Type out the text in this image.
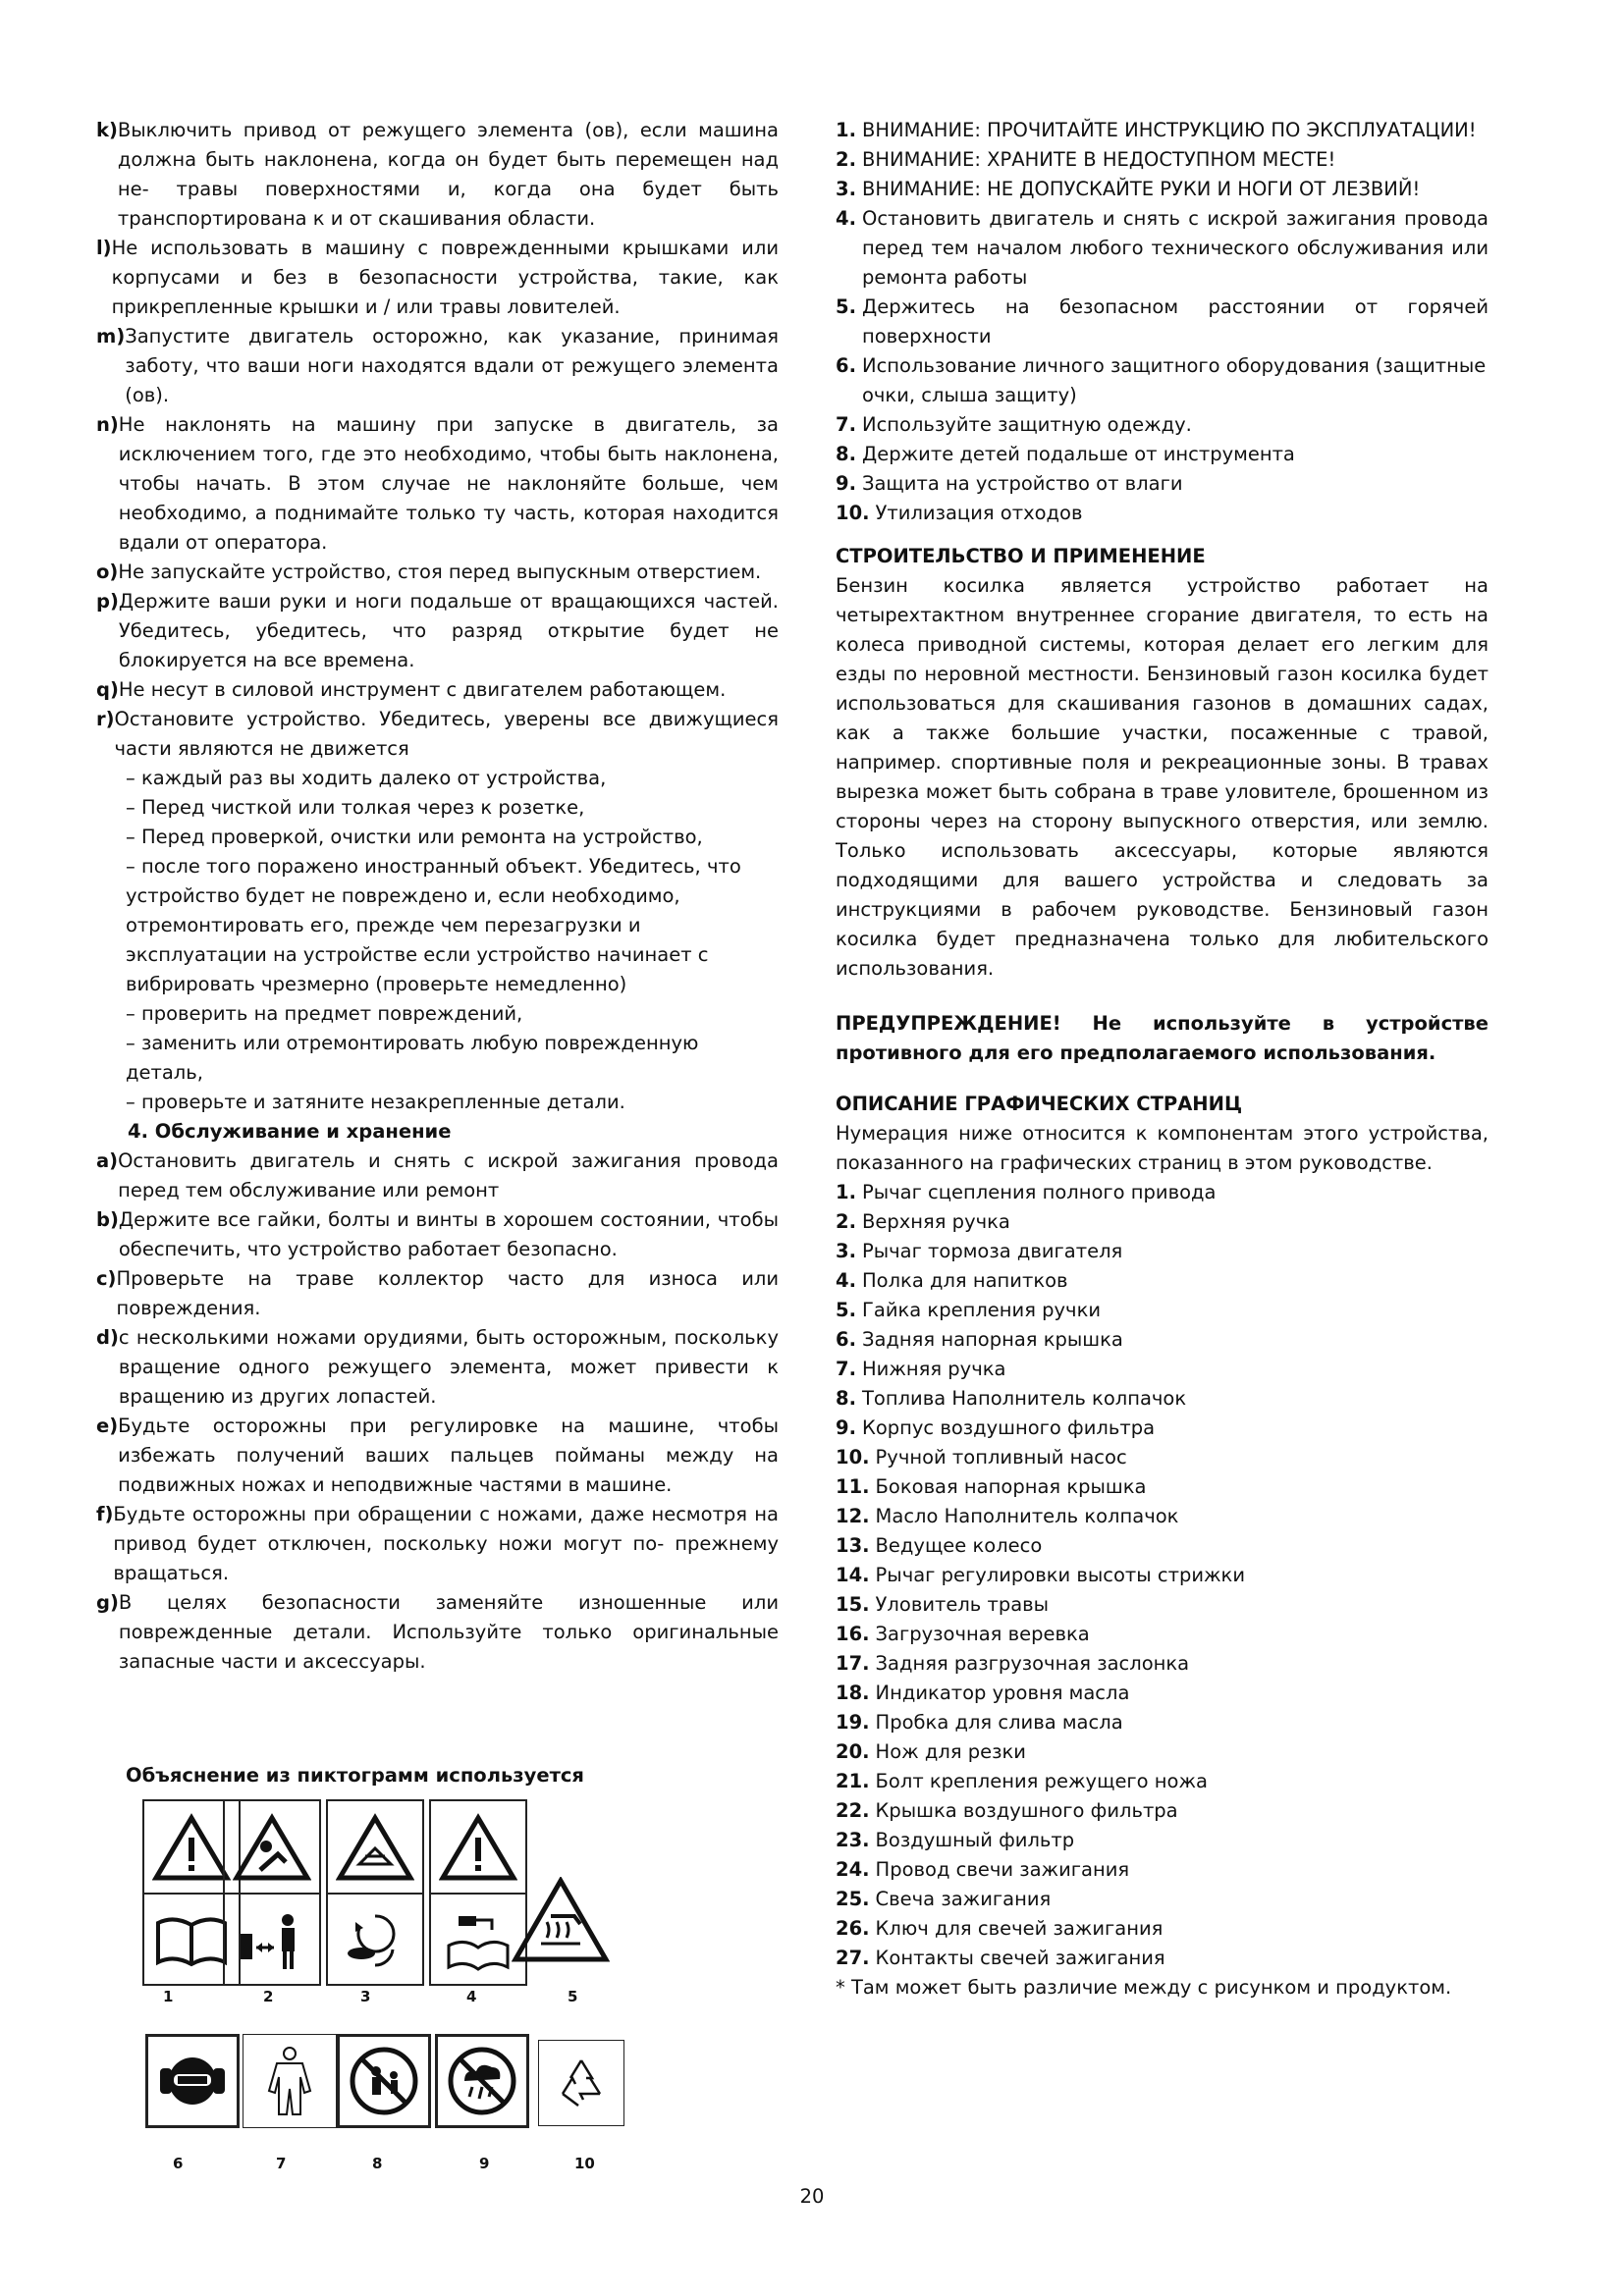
k) Выключить привод от режущего элемента (ов), если машина должна быть наклонена, когда он будет быть перемещен над не- травы поверхностями и, когда она будет быть транспортирована к и от скашивания области.
l) Не использовать в машину с поврежденными крышками или корпусами и без в безопасности устройства, такие, как прикрепленные крышки и / или травы ловителей.
m) Запустите двигатель осторожно, как указание, принимая заботу, что ваши ноги находятся вдали от режущего элемента (ов).
n) Не наклонять на машину при запуске в двигатель, за исключением того, где это необходимо, чтобы быть наклонена, чтобы начать. В этом случае не наклоняйте больше, чем необходимо, а поднимайте только ту часть, которая находится вдали от оператора.
o) Не запускайте устройство, стоя перед выпускным отверстием.
p) Держите ваши руки и ноги подальше от вращающихся частей. Убедитесь, убедитесь, что разряд открытие будет не блокируется на все времена.
q) Не несут в силовой инструмент с двигателем работающем.
r) Остановите устройство. Убедитесь, уверены все движущиеся части являются не движется
– каждый раз вы ходить далеко от устройства,
– Перед чисткой или толкая через к розетке,
– Перед проверкой, очистки или ремонта на устройство,
– после того поражено иностранный объект. Убедитесь, что устройство будет не повреждено и, если необходимо, отремонтировать его, прежде чем перезагрузки и эксплуатации на устройстве если устройство начинает с вибрировать чрезмерно (проверьте немедленно)
– проверить на предмет повреждений,
– заменить или отремонтировать любую поврежденную деталь,
– проверьте и затяните незакрепленные детали.
4. Обслуживание и хранение
a) Остановить двигатель и снять с искрой зажигания провода перед тем обслуживание или ремонт
b) Держите все гайки, болты и винты в хорошем состоянии, чтобы обеспечить, что устройство работает безопасно.
c) Проверьте на траве коллектор часто для износа или повреждения.
d) с несколькими ножами орудиями, быть осторожным, поскольку вращение одного режущего элемента, может привести к вращению из других лопастей.
e) Будьте осторожны при регулировке на машине, чтобы избежать получений ваших пальцев пойманы между на подвижных ножах и неподвижные частями в машине.
f) Будьте осторожны при обращении с ножами, даже несмотря на привод будет отключен, поскольку ножи могут по- прежнему вращаться.
g) В целях безопасности заменяйте изношенные или поврежденные детали. Используйте только оригинальные запасные части и аксессуары.
Объяснение из пиктограмм используется
1	2	3	4	5
6	7	8	9	10
1. ВНИМАНИЕ: ПРОЧИТАЙТЕ ИНСТРУКЦИЮ ПО ЭКСПЛУАТАЦИИ!
2. ВНИМАНИЕ: ХРАНИТЕ В НЕДОСТУПНОМ МЕСТЕ!
3. ВНИМАНИЕ: НЕ ДОПУСКАЙТЕ РУКИ И НОГИ ОТ ЛЕЗВИЙ!
4. Остановить двигатель и снять с искрой зажигания провода перед тем началом любого технического обслуживания или ремонта работы
5. Держитесь на безопасном расстоянии от горячей поверхности
6. Использование личного защитного оборудования (защитные очки, слыша защиту)
7. Используйте защитную одежду.
8. Держите детей подальше от инструмента
9. Защита на устройство от влаги
10. Утилизация отходов
СТРОИТЕЛЬСТВО И ПРИМЕНЕНИЕ
Бензин косилка является устройство работает на четырехтактном внутреннее сгорание двигателя, то есть на колеса приводной системы, которая делает его легким для езды по неровной местности. Бензиновый газон косилка будет использоваться для скашивания газонов в домашних садах, как а также большие участки, посаженные с травой, например. спортивные поля и рекреационные зоны. В травах вырезка может быть собрана в траве уловителе, брошенном из стороны через на сторону выпускного отверстия, или землю. Только использовать аксессуары, которые являются подходящими для вашего устройства и следовать за инструкциями в рабочем руководстве. Бензиновый газон косилка будет предназначена только для любительского использования.
ПРЕДУПРЕЖДЕНИЕ! Не используйте в устройстве противного для его предполагаемого использования.
ОПИСАНИЕ ГРАФИЧЕСКИХ СТРАНИЦ
Нумерация ниже относится к компонентам этого устройства, показанного на графических страниц в этом руководстве.
1. Рычаг сцепления полного привода
2. Верхняя ручка
3. Рычаг тормоза двигателя
4. Полка для напитков
5. Гайка крепления ручки
6. Задняя напорная крышка
7. Нижняя ручка
8. Топлива Наполнитель колпачок
9. Корпус воздушного фильтра
10. Ручной топливный насос
11. Боковая напорная крышка
12. Масло Наполнитель колпачок
13. Ведущее колесо
14. Рычаг регулировки высоты стрижки
15. Уловитель травы
16. Загрузочная веревка
17. Задняя разгрузочная заслонка
18. Индикатор уровня масла
19. Пробка для слива масла
20. Нож для резки
21. Болт крепления режущего ножа
22. Крышка воздушного фильтра
23. Воздушный фильтр
24. Провод свечи зажигания
25. Свеча зажигания
26. Ключ для свечей зажигания
27. Контакты свечей зажигания
* Там может быть различие между с рисунком и продуктом.
20
